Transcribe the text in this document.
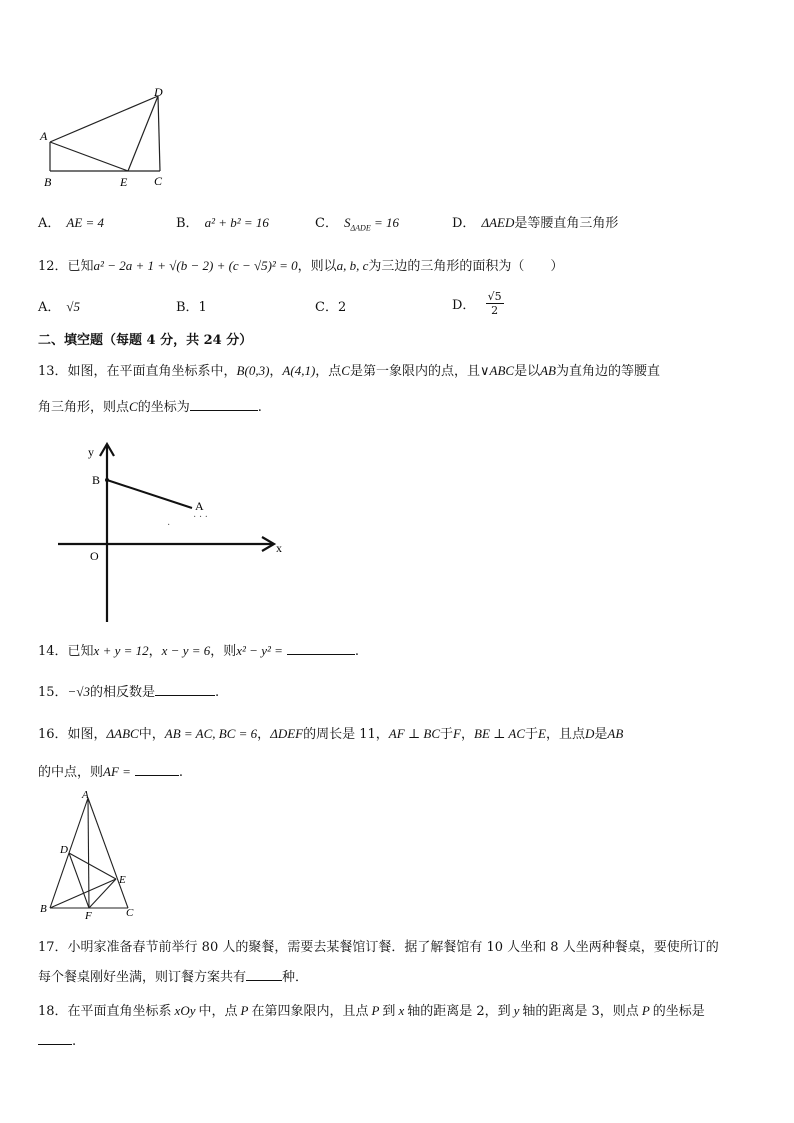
A
B	C
D
E
A． AE = 4	B． a² + b² = 16	C． $S_{\Delta ADE} = 16$	D． ΔAED是等腰直角三角形
12．已知a² − 2a + 1 + √(b − 2) + (c − √5)² = 0，则以a, b, c为三边的三角形的面积为（　　）
A． √5	B．1	C．2	D． $\frac{√5}{2}$
二、填空题（每题 4 分，共 24 分）
13．如图，在平面直角坐标系中，B(0,3)，A(4,1)，点C是第一象限内的点，且∨ABC是以AB为直角边的等腰直
角三角形，则点C的坐标为	.
·
· · ·
y
x
O
B
A
14．已知x + y = 12，x − y = 6，则x² − y² =	.
15．−√3的相反数是	.
16．如图，ΔABC中，AB = AC, BC = 6，ΔDEF的周长是 11，AF ⊥ BC于F，BE ⊥ AC于E，且点D是AB
的中点，则AF =	.
A
B	C
D
E
F
17．小明家准备春节前举行 80 人的聚餐，需要去某餐馆订餐．据了解餐馆有 10 人坐和 8 人坐两种餐桌，要使所订的
每个餐桌刚好坐满，则订餐方案共有	种．
18．在平面直角坐标系 xOy 中，点 P 在第四象限内，且点 P 到 x 轴的距离是 2，到 y 轴的距离是 3，则点 P 的坐标是
.
